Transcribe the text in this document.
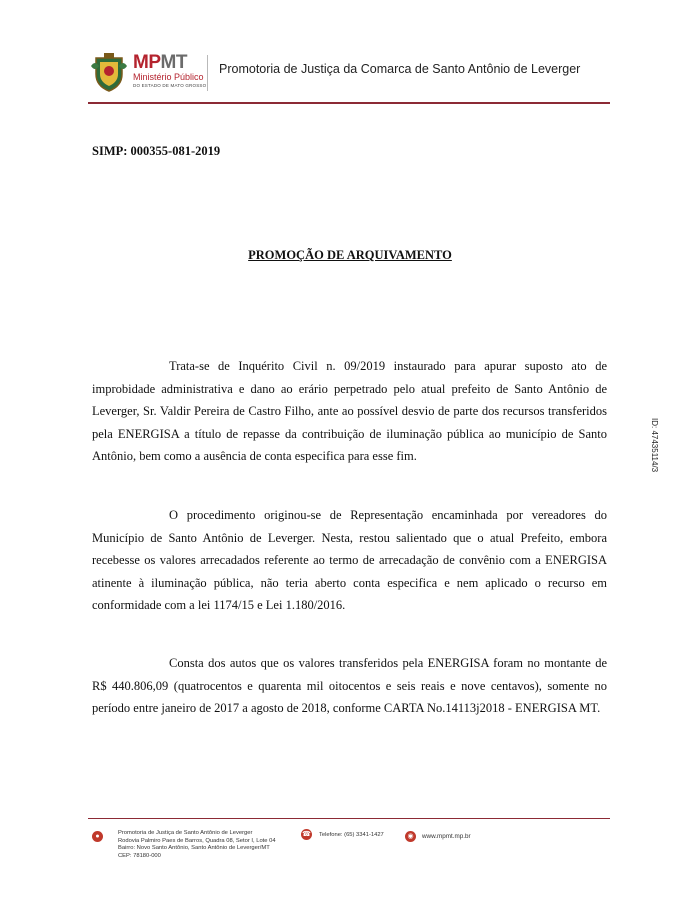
MPMT
Ministério Público
DO ESTADO DE MATO GROSSO
Promotoria de Justiça da Comarca de Santo Antônio de Leverger
SIMP: 000355-081-2019
PROMOÇÃO DE ARQUIVAMENTO

Trata-se de Inquérito Civil n. 09/2019 instaurado para apurar suposto ato de improbidade administrativa e dano ao erário perpetrado pelo atual prefeito de Santo Antônio de Leverger, Sr. Valdir Pereira de Castro Filho, ante ao possível desvio de parte dos recursos transferidos pela ENERGISA a título de repasse da contribuição de iluminação pública ao município de Santo Antônio, bem como a ausência de conta especifica para esse fim.

O procedimento originou-se de Representação encaminhada por vereadores do Município de Santo Antônio de Leverger. Nesta, restou salientado que o atual Prefeito, embora recebesse os valores arrecadados referente ao termo de arrecadação de convênio com a ENERGISA atinente à iluminação pública, não teria aberto conta especifica e nem aplicado o recurso em conformidade com a lei 1174/15 e Lei 1.180/2016.

Consta dos autos que os valores transferidos pela ENERGISA foram no montante de R$ 440.806,09 (quatrocentos e quarenta mil oitocentos e seis reais e nove centavos), somente no período entre janeiro de 2017 a agosto de 2018, conforme CARTA No.14113j2018 - ENERGISA MT.

ID: 47435114/3
●	Promotoria de Justiça de Santo Antônio de Leverger
Rodovia Palmiro Paes de Barros, Quadra 08, Setor I, Lote 04
Bairro: Novo Santo Antônio, Santo Antônio de Leverger/MT
CEP: 78180-000
☎ Telefone: (65) 3341-1427	◉	www.mpmt.mp.br
